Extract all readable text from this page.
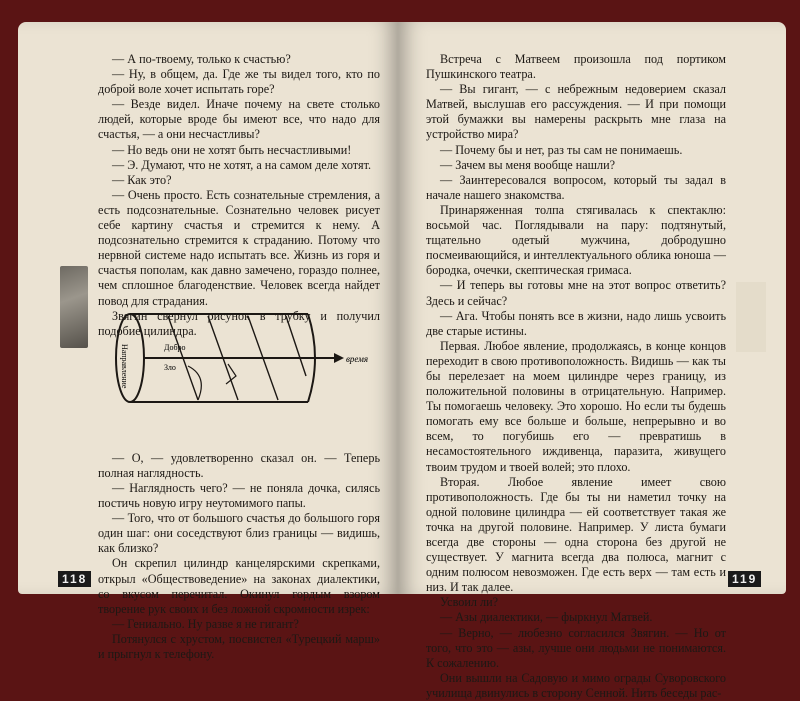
— А по-твоему, только к счастью?

— Ну, в общем, да. Где же ты видел того, кто по доброй воле хочет испытать горе?

— Везде видел. Иначе почему на свете столько людей, которые вроде бы имеют все, что надо для счастья, — а они несчастливы?

— Но ведь они не хотят быть несчастливыми!

— Э. Думают, что не хотят, а на самом деле хотят.

— Как это?

— Очень просто. Есть сознательные стремления, а есть подсознательные. Сознательно человек рисует себе картину счастья и стремится к нему. А подсознательно стремится к страданию. Потому что нервной системе надо испытать все. Жизнь из горя и счастья пополам, как давно замечено, гораздо полнее, чем сплошное благоденствие. Человек всегда найдет повод для страдания.

Звягин свернул рисунок в трубку и получил подобие цилиндра.

— О, — удовлетворенно сказал он. — Теперь полная наглядность.

— Наглядность чего? — не поняла дочка, силясь постичь новую игру неутомимого папы.

— Того, что от большого счастья до большого горя один шаг: они соседствуют близ границы — видишь, как близко?

Он скрепил цилиндр канцелярскими скрепками, открыл «Обществоведение» на законах диалектики, со вкусом перечитал. Окинул гордым взором творение рук своих и без ложной скромности изрек:

— Гениально. Ну разве я не гигант?

Потянулся с хрустом, посвистел «Турецкий марш» и прыгнул к телефону.

Направление	Добро
Зло
время
118

Встреча с Матвеем произошла под портиком Пушкинского театра.

— Вы гигант, — с небрежным недоверием сказал Матвей, выслушав его рассуждения. — И при помощи этой бумажки вы намерены раскрыть мне глаза на устройство мира?

— Почему бы и нет, раз ты сам не понимаешь.

— Зачем вы меня вообще нашли?

— Заинтересовался вопросом, который ты задал в начале нашего знакомства.

Принаряженная толпа стягивалась к спектаклю: восьмой час. Поглядывали на пару: подтянутый, тщательно одетый мужчина, добродушно посмеивающийся, и интеллектуального облика юноша — бородка, очечки, скептическая гримаса.

— И теперь вы готовы мне на этот вопрос ответить? Здесь и сейчас?

— Ага. Чтобы понять все в жизни, надо лишь усвоить две старые истины.

Первая. Любое явление, продолжаясь, в конце концов переходит в свою противоположность. Видишь — как ты бы перелезает на моем цилиндре через границу, из положительной половины в отрицательную. Например. Ты помогаешь человеку. Это хорошо. Но если ты будешь помогать ему все больше и больше, непрерывно и во всем, то погубишь его — превратишь в несамостоятельного иждивенца, паразита, живущего твоим трудом и твоей волей; это плохо.

Вторая. Любое явление имеет свою противоположность. Где бы ты ни наметил точку на одной половине цилиндра — ей соответствует такая же точка на другой половине. Например. У листа бумаги всегда две стороны — одна сторона без другой не существует. У магнита всегда два полюса, магнит с одним полюсом невозможен. Где есть верх — там есть и низ. И так далее.

Усвоил ли?

— Азы диалектики, — фыркнул Матвей.

— Верно, — любезно согласился Звягин. — Но от того, что это — азы, лучше они людьми не понимаются. К сожалению.

Они вышли на Садовую и мимо ограды Суворовского училища двинулись в сторону Сенной. Нить беседы рас-

119
